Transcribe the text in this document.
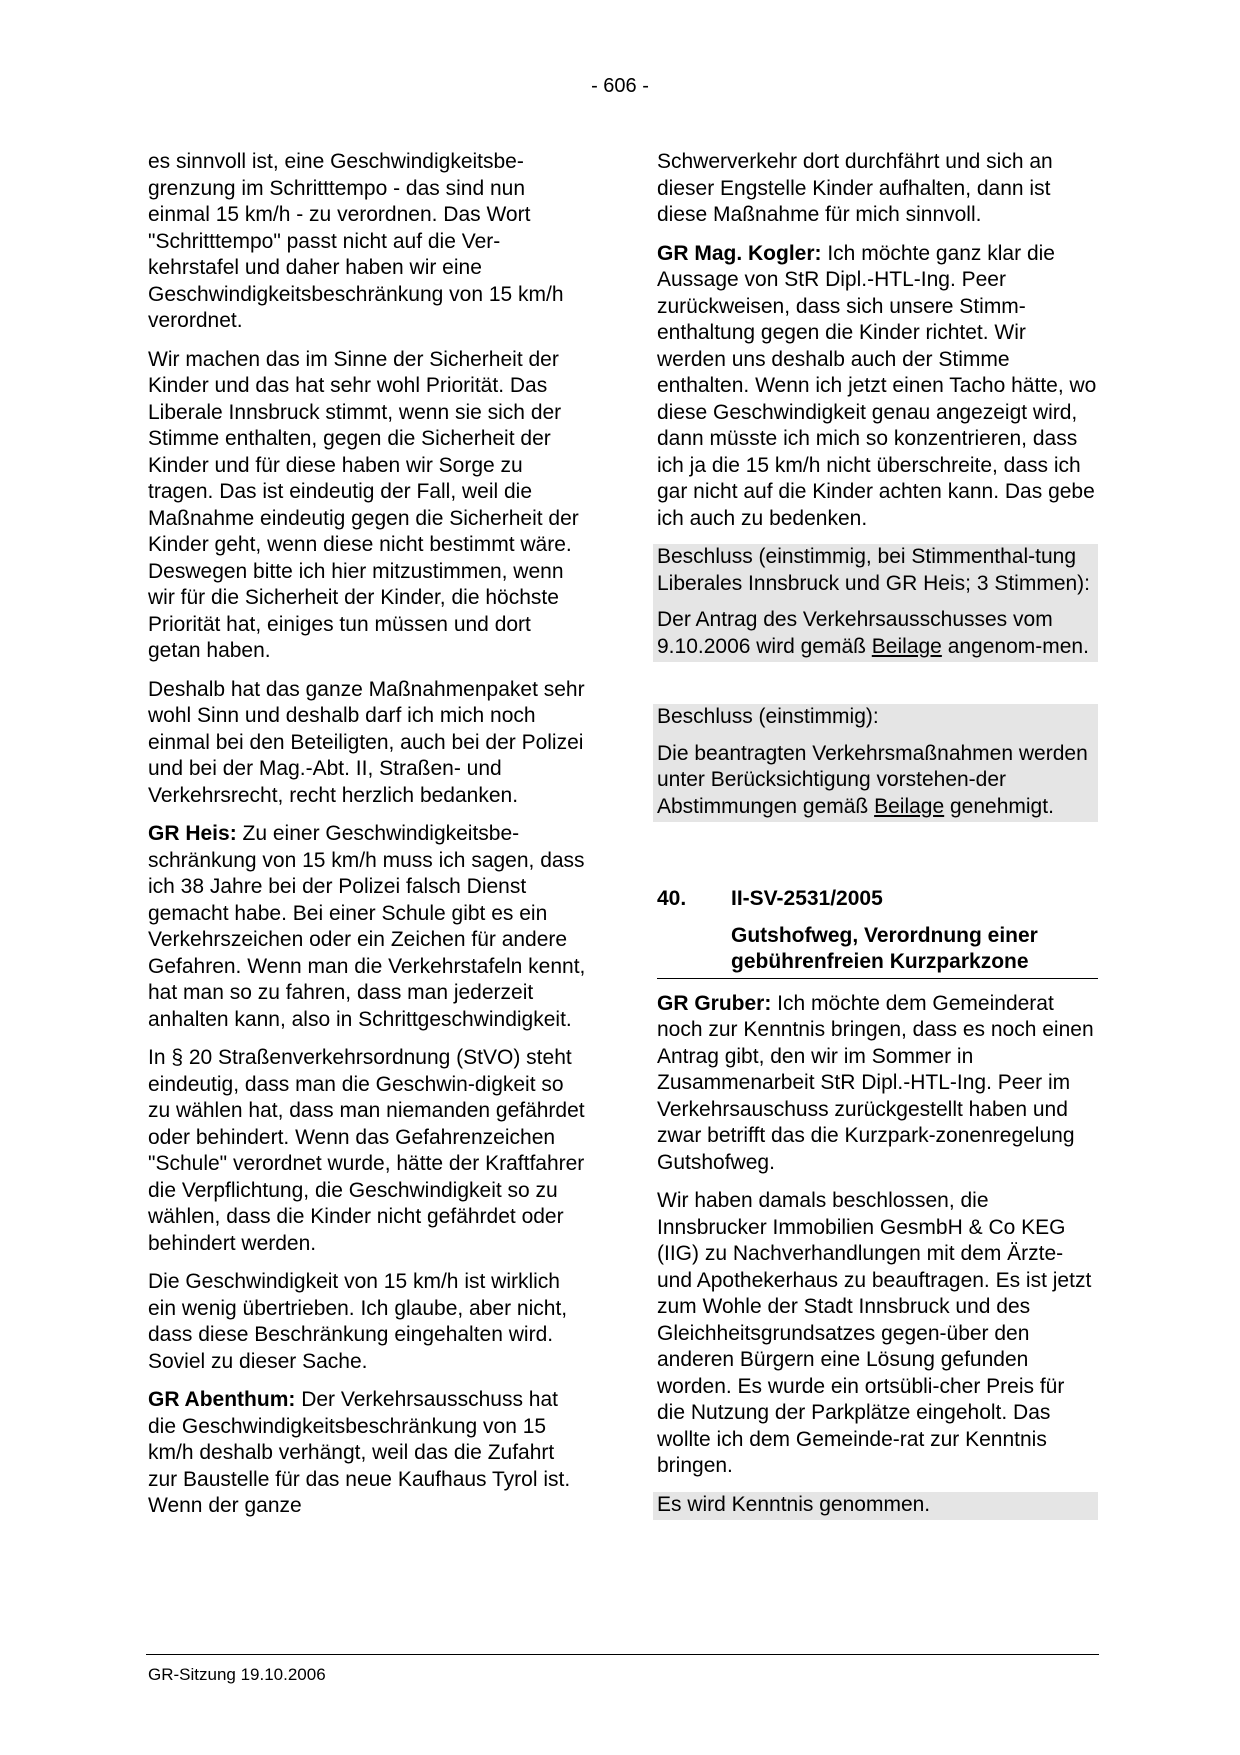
- 606 -

es sinnvoll ist, eine Geschwindigkeitsbe-grenzung im Schritttempo - das sind nun einmal 15 km/h - zu verordnen. Das Wort "Schritttempo" passt nicht auf die Ver-kehrstafel und daher haben wir eine Geschwindigkeitsbeschränkung von 15 km/h verordnet.

Wir machen das im Sinne der Sicherheit der Kinder und das hat sehr wohl Priorität. Das Liberale Innsbruck stimmt, wenn sie sich der Stimme enthalten, gegen die Sicherheit der Kinder und für diese haben wir Sorge zu tragen. Das ist eindeutig der Fall, weil die Maßnahme eindeutig gegen die Sicherheit der Kinder geht, wenn diese nicht bestimmt wäre. Deswegen bitte ich hier mitzustimmen, wenn wir für die Sicherheit der Kinder, die höchste Priorität hat, einiges tun müssen und dort getan haben.

Deshalb hat das ganze Maßnahmenpaket sehr wohl Sinn und deshalb darf ich mich noch einmal bei den Beteiligten, auch bei der Polizei und bei der Mag.-Abt. II, Straßen- und Verkehrsrecht, recht herzlich bedanken.

GR Heis: Zu einer Geschwindigkeitsbe-schränkung von 15 km/h muss ich sagen, dass ich 38 Jahre bei der Polizei falsch Dienst gemacht habe. Bei einer Schule gibt es ein Verkehrszeichen oder ein Zeichen für andere Gefahren. Wenn man die Verkehrstafeln kennt, hat man so zu fahren, dass man jederzeit anhalten kann, also in Schrittgeschwindigkeit.

In § 20 Straßenverkehrsordnung (StVO) steht eindeutig, dass man die Geschwin-digkeit so zu wählen hat, dass man niemanden gefährdet oder behindert. Wenn das Gefahrenzeichen "Schule" verordnet wurde, hätte der Kraftfahrer die Verpflichtung, die Geschwindigkeit so zu wählen, dass die Kinder nicht gefährdet oder behindert werden.

Die Geschwindigkeit von 15 km/h ist wirklich ein wenig übertrieben. Ich glaube, aber nicht, dass diese Beschränkung eingehalten wird. Soviel zu dieser Sache.

GR Abenthum: Der Verkehrsausschuss hat die Geschwindigkeitsbeschränkung von 15 km/h deshalb verhängt, weil das die Zufahrt zur Baustelle für das neue Kaufhaus Tyrol ist. Wenn der ganze

Schwerverkehr dort durchfährt und sich an dieser Engstelle Kinder aufhalten, dann ist diese Maßnahme für mich sinnvoll.

GR Mag. Kogler: Ich möchte ganz klar die Aussage von StR Dipl.-HTL-Ing. Peer zurückweisen, dass sich unsere Stimm-enthaltung gegen die Kinder richtet. Wir werden uns deshalb auch der Stimme enthalten. Wenn ich jetzt einen Tacho hätte, wo diese Geschwindigkeit genau angezeigt wird, dann müsste ich mich so konzentrieren, dass ich ja die 15 km/h nicht überschreite, dass ich gar nicht auf die Kinder achten kann. Das gebe ich auch zu bedenken.

Beschluss (einstimmig, bei Stimmenthal-tung Liberales Innsbruck und GR Heis; 3 Stimmen):

Der Antrag des Verkehrsausschusses vom 9.10.2006 wird gemäß Beilage angenom-men.

Beschluss (einstimmig):

Die beantragten Verkehrsmaßnahmen werden unter Berücksichtigung vorstehen-der Abstimmungen gemäß Beilage genehmigt.

40.	II-SV-2531/2005
Gutshofweg, Verordnung einer gebührenfreien Kurzparkzone

GR Gruber: Ich möchte dem Gemeinderat noch zur Kenntnis bringen, dass es noch einen Antrag gibt, den wir im Sommer in Zusammenarbeit StR Dipl.-HTL-Ing. Peer im Verkehrsauschuss zurückgestellt haben und zwar betrifft das die Kurzpark-zonenregelung Gutshofweg.

Wir haben damals beschlossen, die Innsbrucker Immobilien GesmbH & Co KEG (IIG) zu Nachverhandlungen mit dem Ärzte- und Apothekerhaus zu beauftragen. Es ist jetzt zum Wohle der Stadt Innsbruck und des Gleichheitsgrundsatzes gegen-über den anderen Bürgern eine Lösung gefunden worden. Es wurde ein ortsübli-cher Preis für die Nutzung der Parkplätze eingeholt. Das wollte ich dem Gemeinde-rat zur Kenntnis bringen.

Es wird Kenntnis genommen.

GR-Sitzung 19.10.2006
